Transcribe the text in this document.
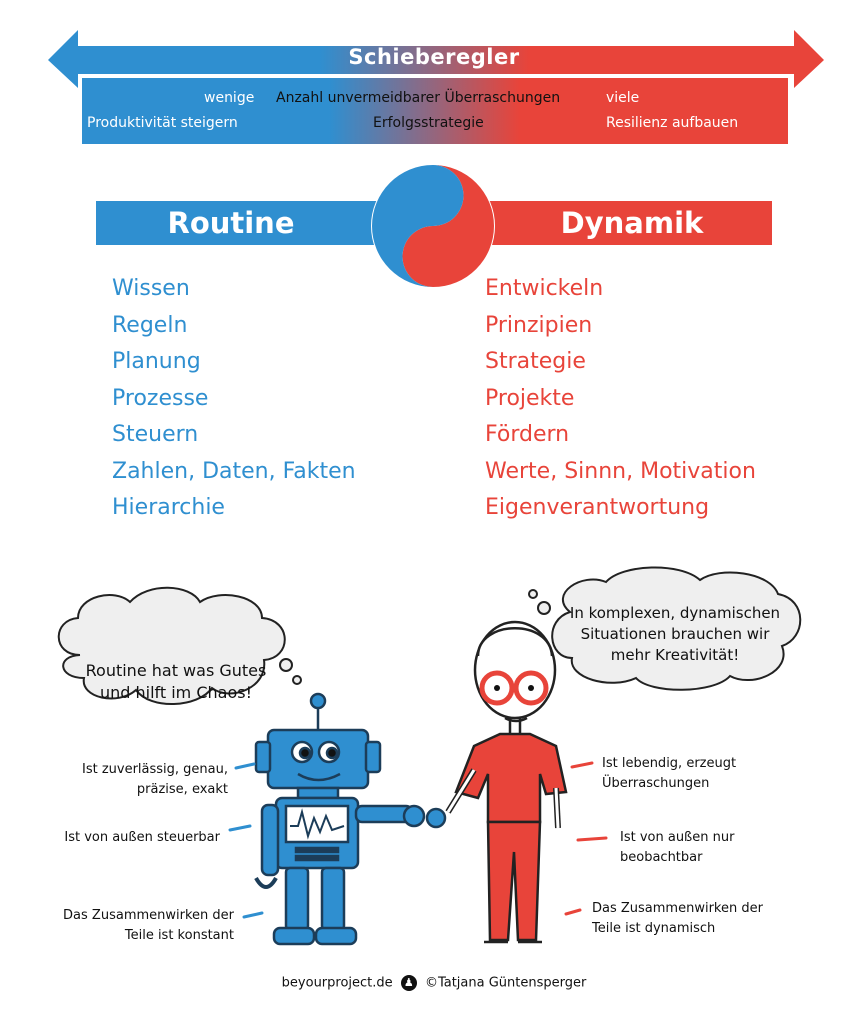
Schieberegler
wenige Anzahl unvermeidbarer Überraschungen	viele
Produktivität steigern	Erfolgsstrategie	Resilienz aufbauen
Routine	Dynamik
Wissen
Regeln
Planung
Prozesse
Steuern
Zahlen, Daten, Fakten
Hierarchie
Entwickeln
Prinzipien
Strategie
Projekte
Fördern
Werte, Sinnn, Motivation
Eigenverantwortung
Routine hat was Gutes
und hilft im Chaos!
In komplexen, dynamischen
Situationen brauchen wir
mehr Kreativität!
Ist zuverlässig, genau,
präzise, exakt
Ist von außen steuerbar
Das Zusammenwirken der
Teile ist konstant
Ist lebendig, erzeugt
Überraschungen
Ist von außen nur
beobachtbar
Das Zusammenwirken der
Teile ist dynamisch
beyourproject.de ♟ ©Tatjana Güntensperger
